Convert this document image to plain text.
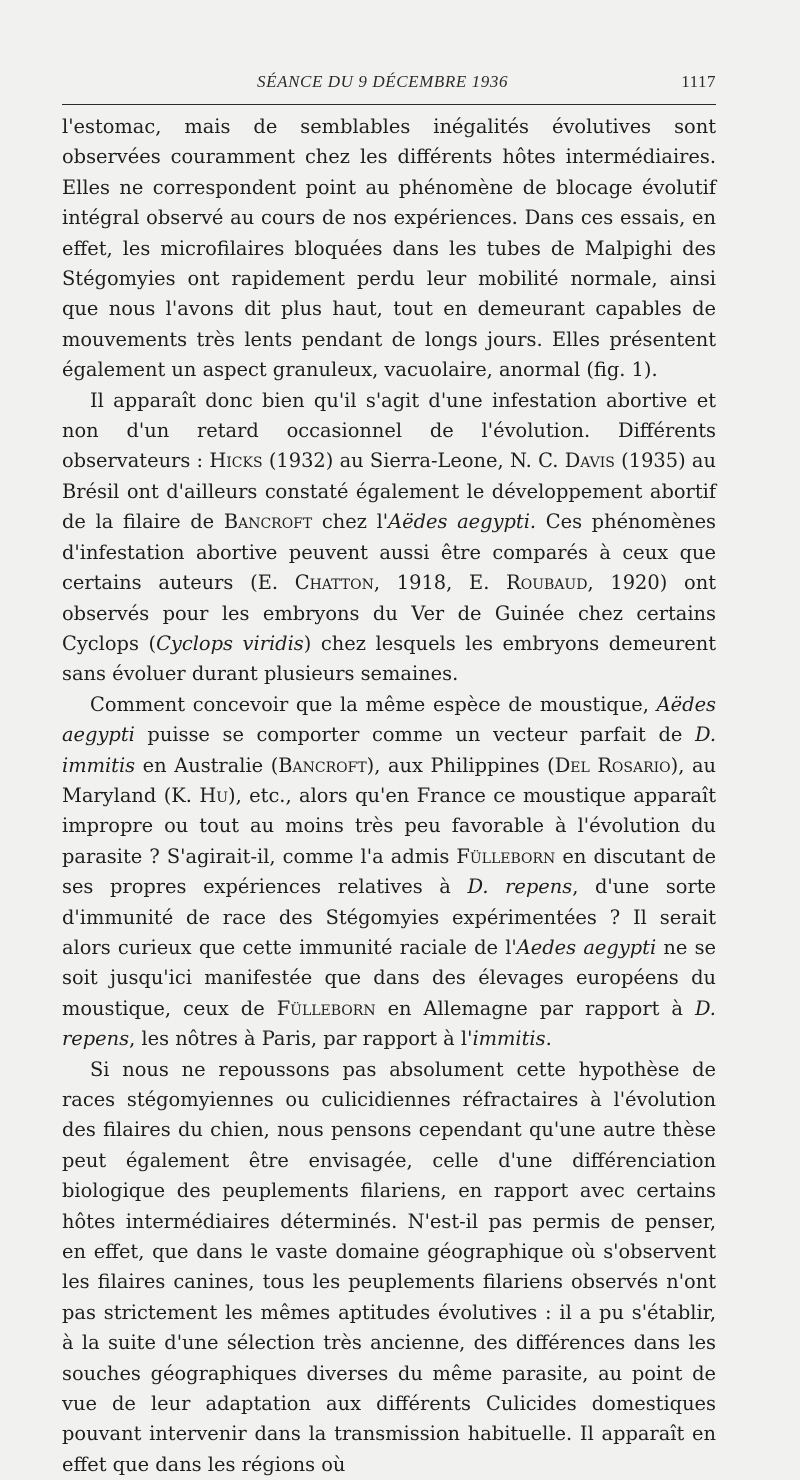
SÉANCE DU 9 DÉCEMBRE 1936	1117

l'estomac, mais de semblables inégalités évolutives sont observées couramment chez les différents hôtes intermédiaires. Elles ne correspondent point au phénomène de blocage évolutif intégral observé au cours de nos expériences. Dans ces essais, en effet, les microfilaires bloquées dans les tubes de Malpighi des Stégomyies ont rapidement perdu leur mobilité normale, ainsi que nous l'avons dit plus haut, tout en demeurant capables de mouvements très lents pendant de longs jours. Elles présentent également un aspect granuleux, vacuolaire, anormal (fig. 1).

Il apparaît donc bien qu'il s'agit d'une infestation abortive et non d'un retard occasionnel de l'évolution. Différents observateurs : Hicks (1932) au Sierra-Leone, N. C. Davis (1935) au Brésil ont d'ailleurs constaté également le développement abortif de la filaire de Bancroft chez l'Aëdes aegypti. Ces phénomènes d'infestation abortive peuvent aussi être comparés à ceux que certains auteurs (E. Chatton, 1918, E. Roubaud, 1920) ont observés pour les embryons du Ver de Guinée chez certains Cyclops (Cyclops viridis) chez lesquels les embryons demeurent sans évoluer durant plusieurs semaines.

Comment concevoir que la même espèce de moustique, Aëdes aegypti puisse se comporter comme un vecteur parfait de D. immitis en Australie (Bancroft), aux Philippines (Del Rosario), au Maryland (K. Hu), etc., alors qu'en France ce moustique apparaît impropre ou tout au moins très peu favorable à l'évolution du parasite ? S'agirait-il, comme l'a admis Fülleborn en discutant de ses propres expériences relatives à D. repens, d'une sorte d'immunité de race des Stégomyies expérimentées ? Il serait alors curieux que cette immunité raciale de l'Aedes aegypti ne se soit jusqu'ici manifestée que dans des élevages européens du moustique, ceux de Fülleborn en Allemagne par rapport à D. repens, les nôtres à Paris, par rapport à l'immitis.

Si nous ne repoussons pas absolument cette hypothèse de races stégomyiennes ou culicidiennes réfractaires à l'évolution des filaires du chien, nous pensons cependant qu'une autre thèse peut également être envisagée, celle d'une différenciation biologique des peuplements filariens, en rapport avec certains hôtes intermédiaires déterminés. N'est-il pas permis de penser, en effet, que dans le vaste domaine géographique où s'observent les filaires canines, tous les peuplements filariens observés n'ont pas strictement les mêmes aptitudes évolutives : il a pu s'établir, à la suite d'une sélection très ancienne, des différences dans les souches géographiques diverses du même parasite, au point de vue de leur adaptation aux différents Culicides domestiques pouvant intervenir dans la transmission habituelle. Il apparaît en effet que dans les régions où
